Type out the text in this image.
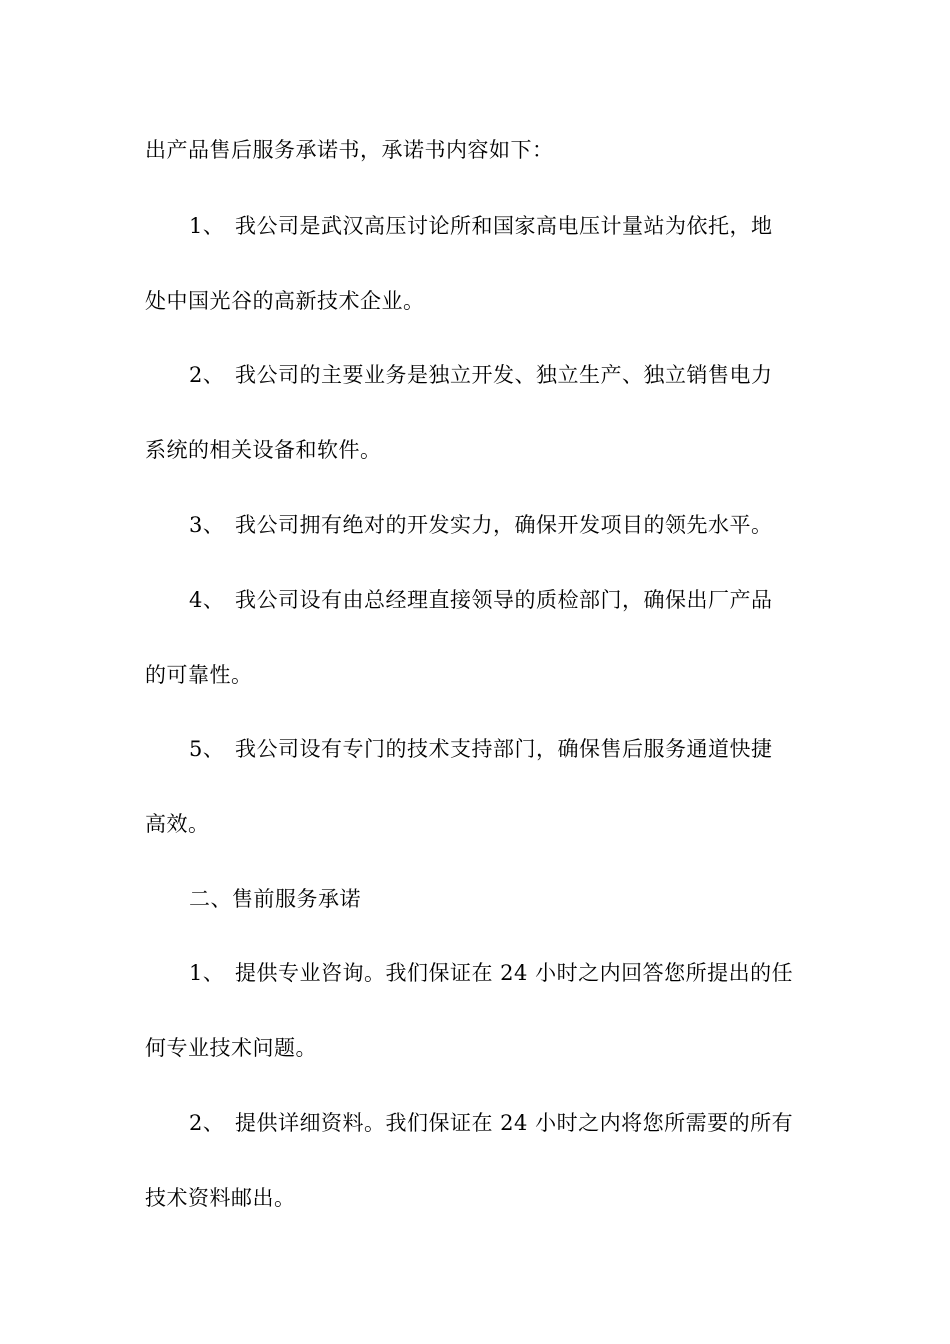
出产品售后服务承诺书，承诺书内容如下：
1、 我公司是武汉高压讨论所和国家高电压计量站为依托，地
处中国光谷的高新技术企业。
2、 我公司的主要业务是独立开发、独立生产、独立销售电力
系统的相关设备和软件。
3、 我公司拥有绝对的开发实力，确保开发项目的领先水平。
4、 我公司设有由总经理直接领导的质检部门，确保出厂产品
的可靠性。
5、 我公司设有专门的技术支持部门，确保售后服务通道快捷
高效。
二、售前服务承诺
1、 提供专业咨询。我们保证在 24 小时之内回答您所提出的任
何专业技术问题。
2、 提供详细资料。我们保证在 24 小时之内将您所需要的所有
技术资料邮出。
